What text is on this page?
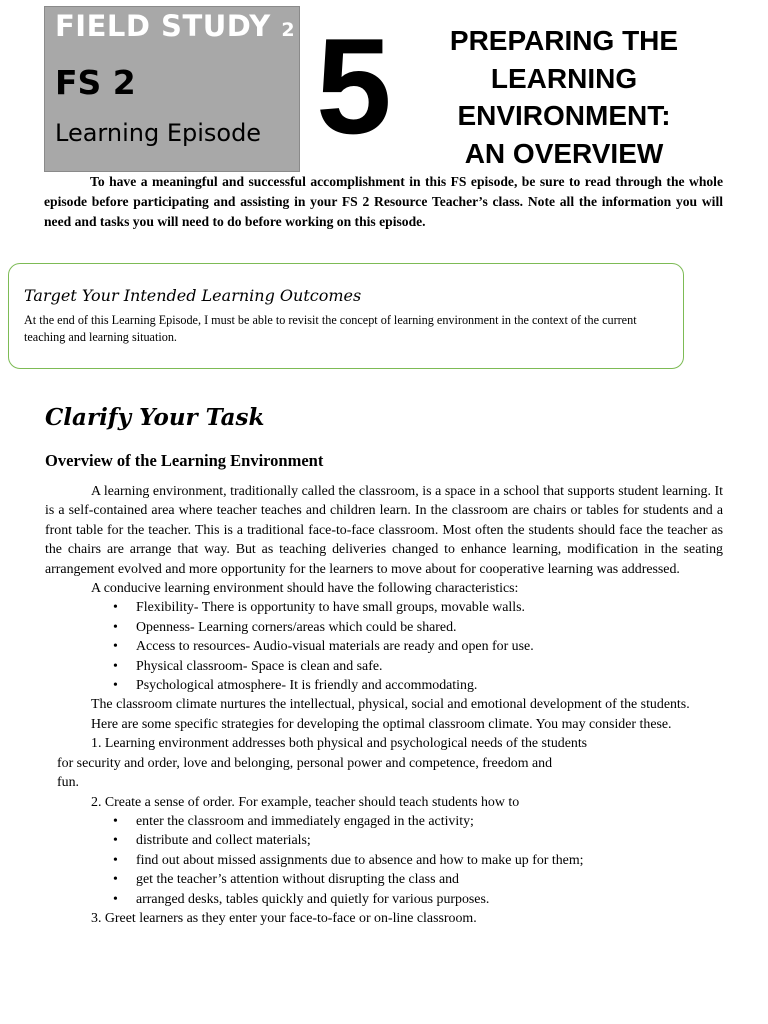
FIELD STUDY 2
FS 2
Learning Episode 5	PREPARING THE
LEARNING
ENVIRONMENT:
AN OVERVIEW
To have a meaningful and successful accomplishment in this FS episode, be sure to read through the whole episode before participating and assisting in your FS 2 Resource Teacher’s class. Note all the information you will need and tasks you will need to do before working on this episode.
Target Your Intended Learning Outcomes
At the end of this Learning Episode, I must be able to revisit the concept of learning environment in the context of the current teaching and learning situation.
Clarify Your Task
Overview of the Learning Environment
A learning environment, traditionally called the classroom, is a space in a school that supports student learning. It is a self-contained area where teacher teaches and children learn. In the classroom are chairs or tables for students and a front table for the teacher. This is a traditional face-to-face classroom. Most often the students should face the teacher as the chairs are arrange that way. But as teaching deliveries changed to enhance learning, modification in the seating arrangement evolved and more opportunity for the learners to move about for cooperative learning was addressed.
A conducive learning environment should have the following characteristics:
• Flexibility- There is opportunity to have small groups, movable walls.
• Openness- Learning corners/areas which could be shared.
• Access to resources- Audio-visual materials are ready and open for use.
• Physical classroom- Space is clean and safe.
• Psychological atmosphere- It is friendly and accommodating.
The classroom climate nurtures the intellectual, physical, social and emotional development of the students.
Here are some specific strategies for developing the optimal classroom climate. You may consider these.
1. Learning environment addresses both physical and psychological needs of the students
for security and order, love and belonging, personal power and competence, freedom and
fun.
2. Create a sense of order. For example, teacher should teach students how to
• enter the classroom and immediately engaged in the activity;
• distribute and collect materials;
• find out about missed assignments due to absence and how to make up for them;
• get the teacher’s attention without disrupting the class and
• arranged desks, tables quickly and quietly for various purposes.
3. Greet learners as they enter your face-to-face or on-line classroom.
